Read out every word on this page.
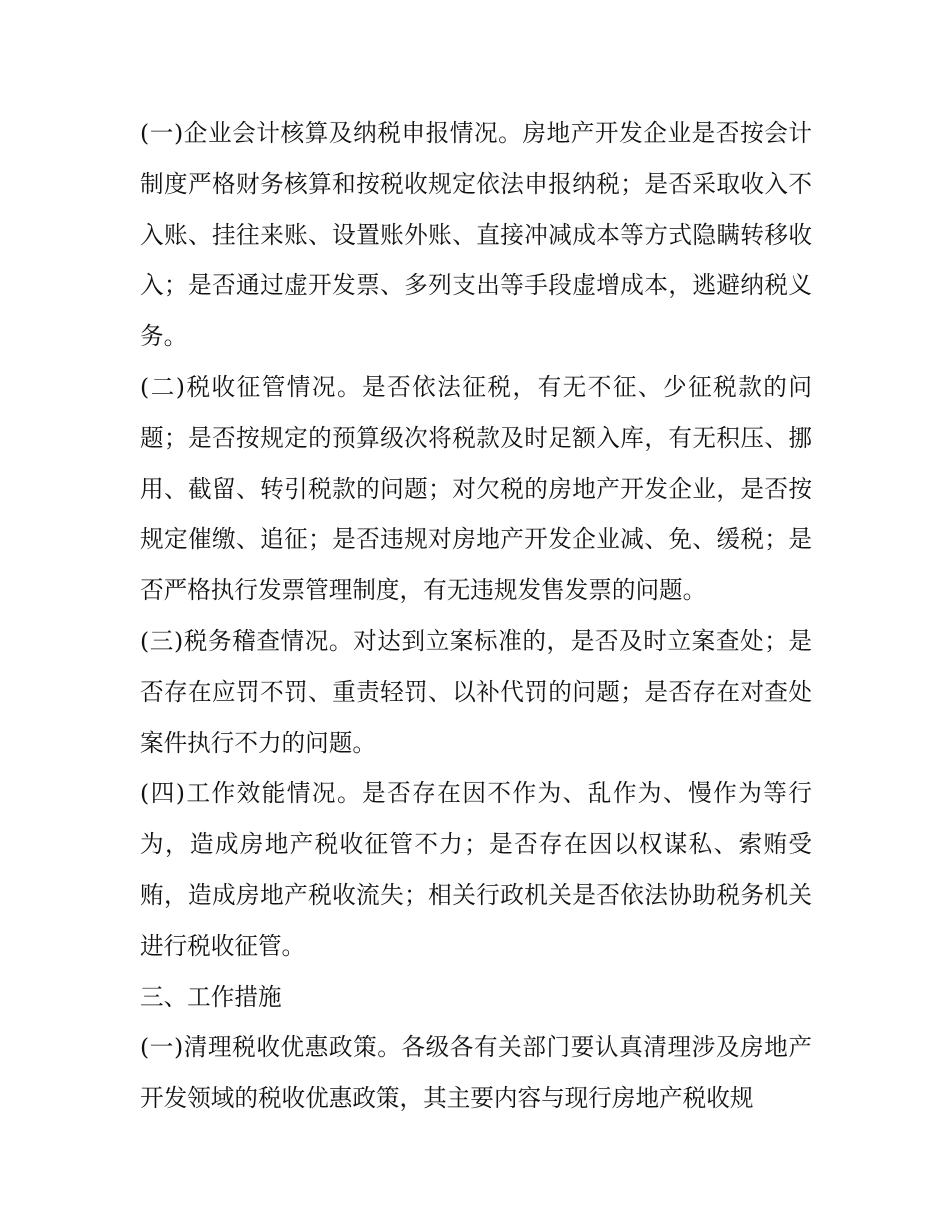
(一)企业会计核算及纳税申报情况。房地产开发企业是否按会计制度严格财务核算和按税收规定依法申报纳税；是否采取收入不入账、挂往来账、设置账外账、直接冲减成本等方式隐瞒转移收入；是否通过虚开发票、多列支出等手段虚增成本，逃避纳税义务。

(二)税收征管情况。是否依法征税，有无不征、少征税款的问题；是否按规定的预算级次将税款及时足额入库，有无积压、挪用、截留、转引税款的问题；对欠税的房地产开发企业，是否按规定催缴、追征；是否违规对房地产开发企业减、免、缓税；是否严格执行发票管理制度，有无违规发售发票的问题。

(三)税务稽查情况。对达到立案标准的，是否及时立案查处；是否存在应罚不罚、重责轻罚、以补代罚的问题；是否存在对查处案件执行不力的问题。

(四)工作效能情况。是否存在因不作为、乱作为、慢作为等行为，造成房地产税收征管不力；是否存在因以权谋私、索贿受贿，造成房地产税收流失；相关行政机关是否依法协助税务机关进行税收征管。

三、工作措施

(一)清理税收优惠政策。各级各有关部门要认真清理涉及房地产开发领域的税收优惠政策，其主要内容与现行房地产税收规
